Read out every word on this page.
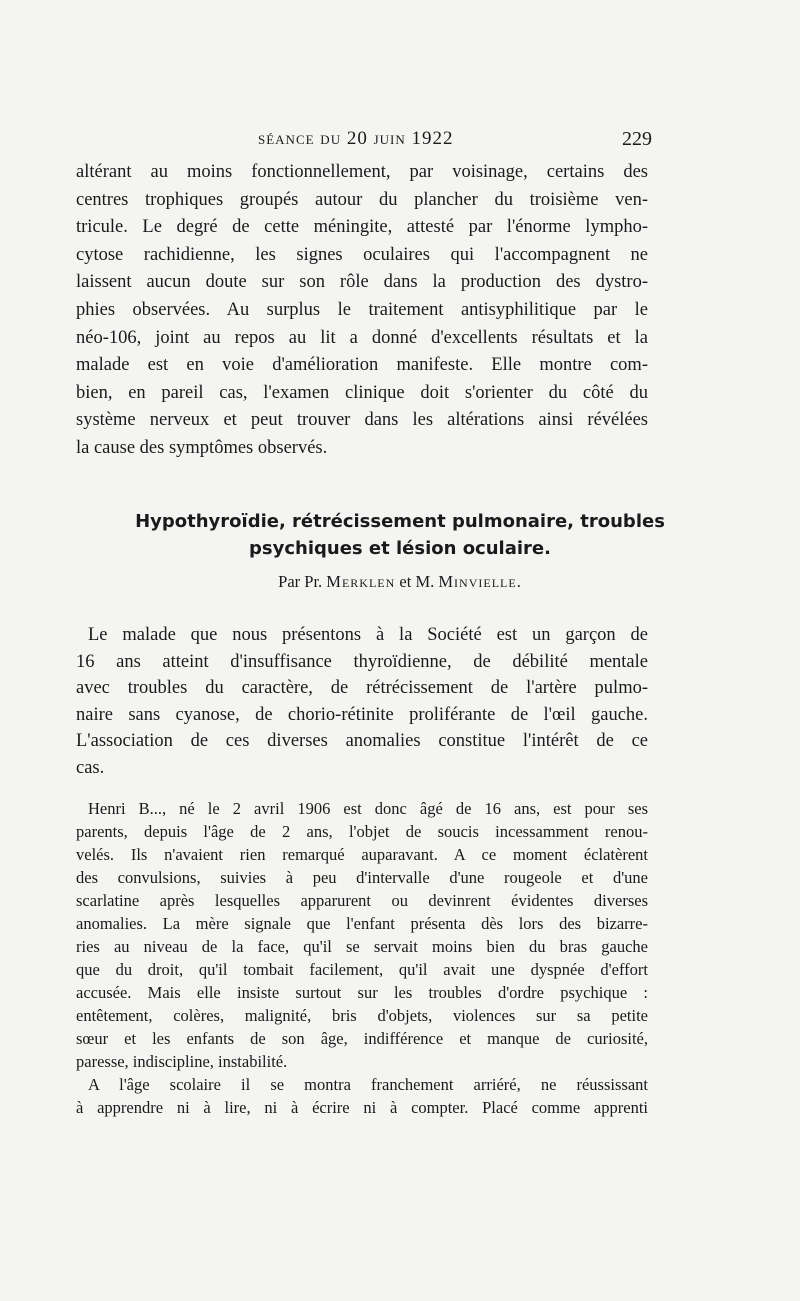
séance du 20 juin 1922	229
altérant au moins fonctionnellement, par voisinage, certains des
centres trophiques groupés autour du plancher du troisième ven-
tricule. Le degré de cette méningite, attesté par l'énorme lympho-
cytose rachidienne, les signes oculaires qui l'accompagnent ne
laissent aucun doute sur son rôle dans la production des dystro-
phies observées. Au surplus le traitement antisyphilitique par le
néo-106, joint au repos au lit a donné d'excellents résultats et la
malade est en voie d'amélioration manifeste. Elle montre com-
bien, en pareil cas, l'examen clinique doit s'orienter du côté du
système nerveux et peut trouver dans les altérations ainsi révélées
la cause des symptômes observés.
Hypothyroïdie, rétrécissement pulmonaire, troubles
psychiques et lésion oculaire.
Par Pr. Merklen et M. Minvielle.
Le malade que nous présentons à la Société est un garçon de
16 ans atteint d'insuffisance thyroïdienne, de débilité mentale
avec troubles du caractère, de rétrécissement de l'artère pulmo-
naire sans cyanose, de chorio-rétinite proliférante de l'œil gauche.
L'association de ces diverses anomalies constitue l'intérêt de ce
cas.
Henri B..., né le 2 avril 1906 est donc âgé de 16 ans, est pour ses
parents, depuis l'âge de 2 ans, l'objet de soucis incessamment renou-
velés. Ils n'avaient rien remarqué auparavant. A ce moment éclatèrent
des convulsions, suivies à peu d'intervalle d'une rougeole et d'une
scarlatine après lesquelles apparurent ou devinrent évidentes diverses
anomalies. La mère signale que l'enfant présenta dès lors des bizarre-
ries au niveau de la face, qu'il se servait moins bien du bras gauche
que du droit, qu'il tombait facilement, qu'il avait une dyspnée d'effort
accusée. Mais elle insiste surtout sur les troubles d'ordre psychique :
entêtement, colères, malignité, bris d'objets, violences sur sa petite
sœur et les enfants de son âge, indifférence et manque de curiosité,
paresse, indiscipline, instabilité.
A l'âge scolaire il se montra franchement arriéré, ne réussissant
à apprendre ni à lire, ni à écrire ni à compter. Placé comme apprenti
